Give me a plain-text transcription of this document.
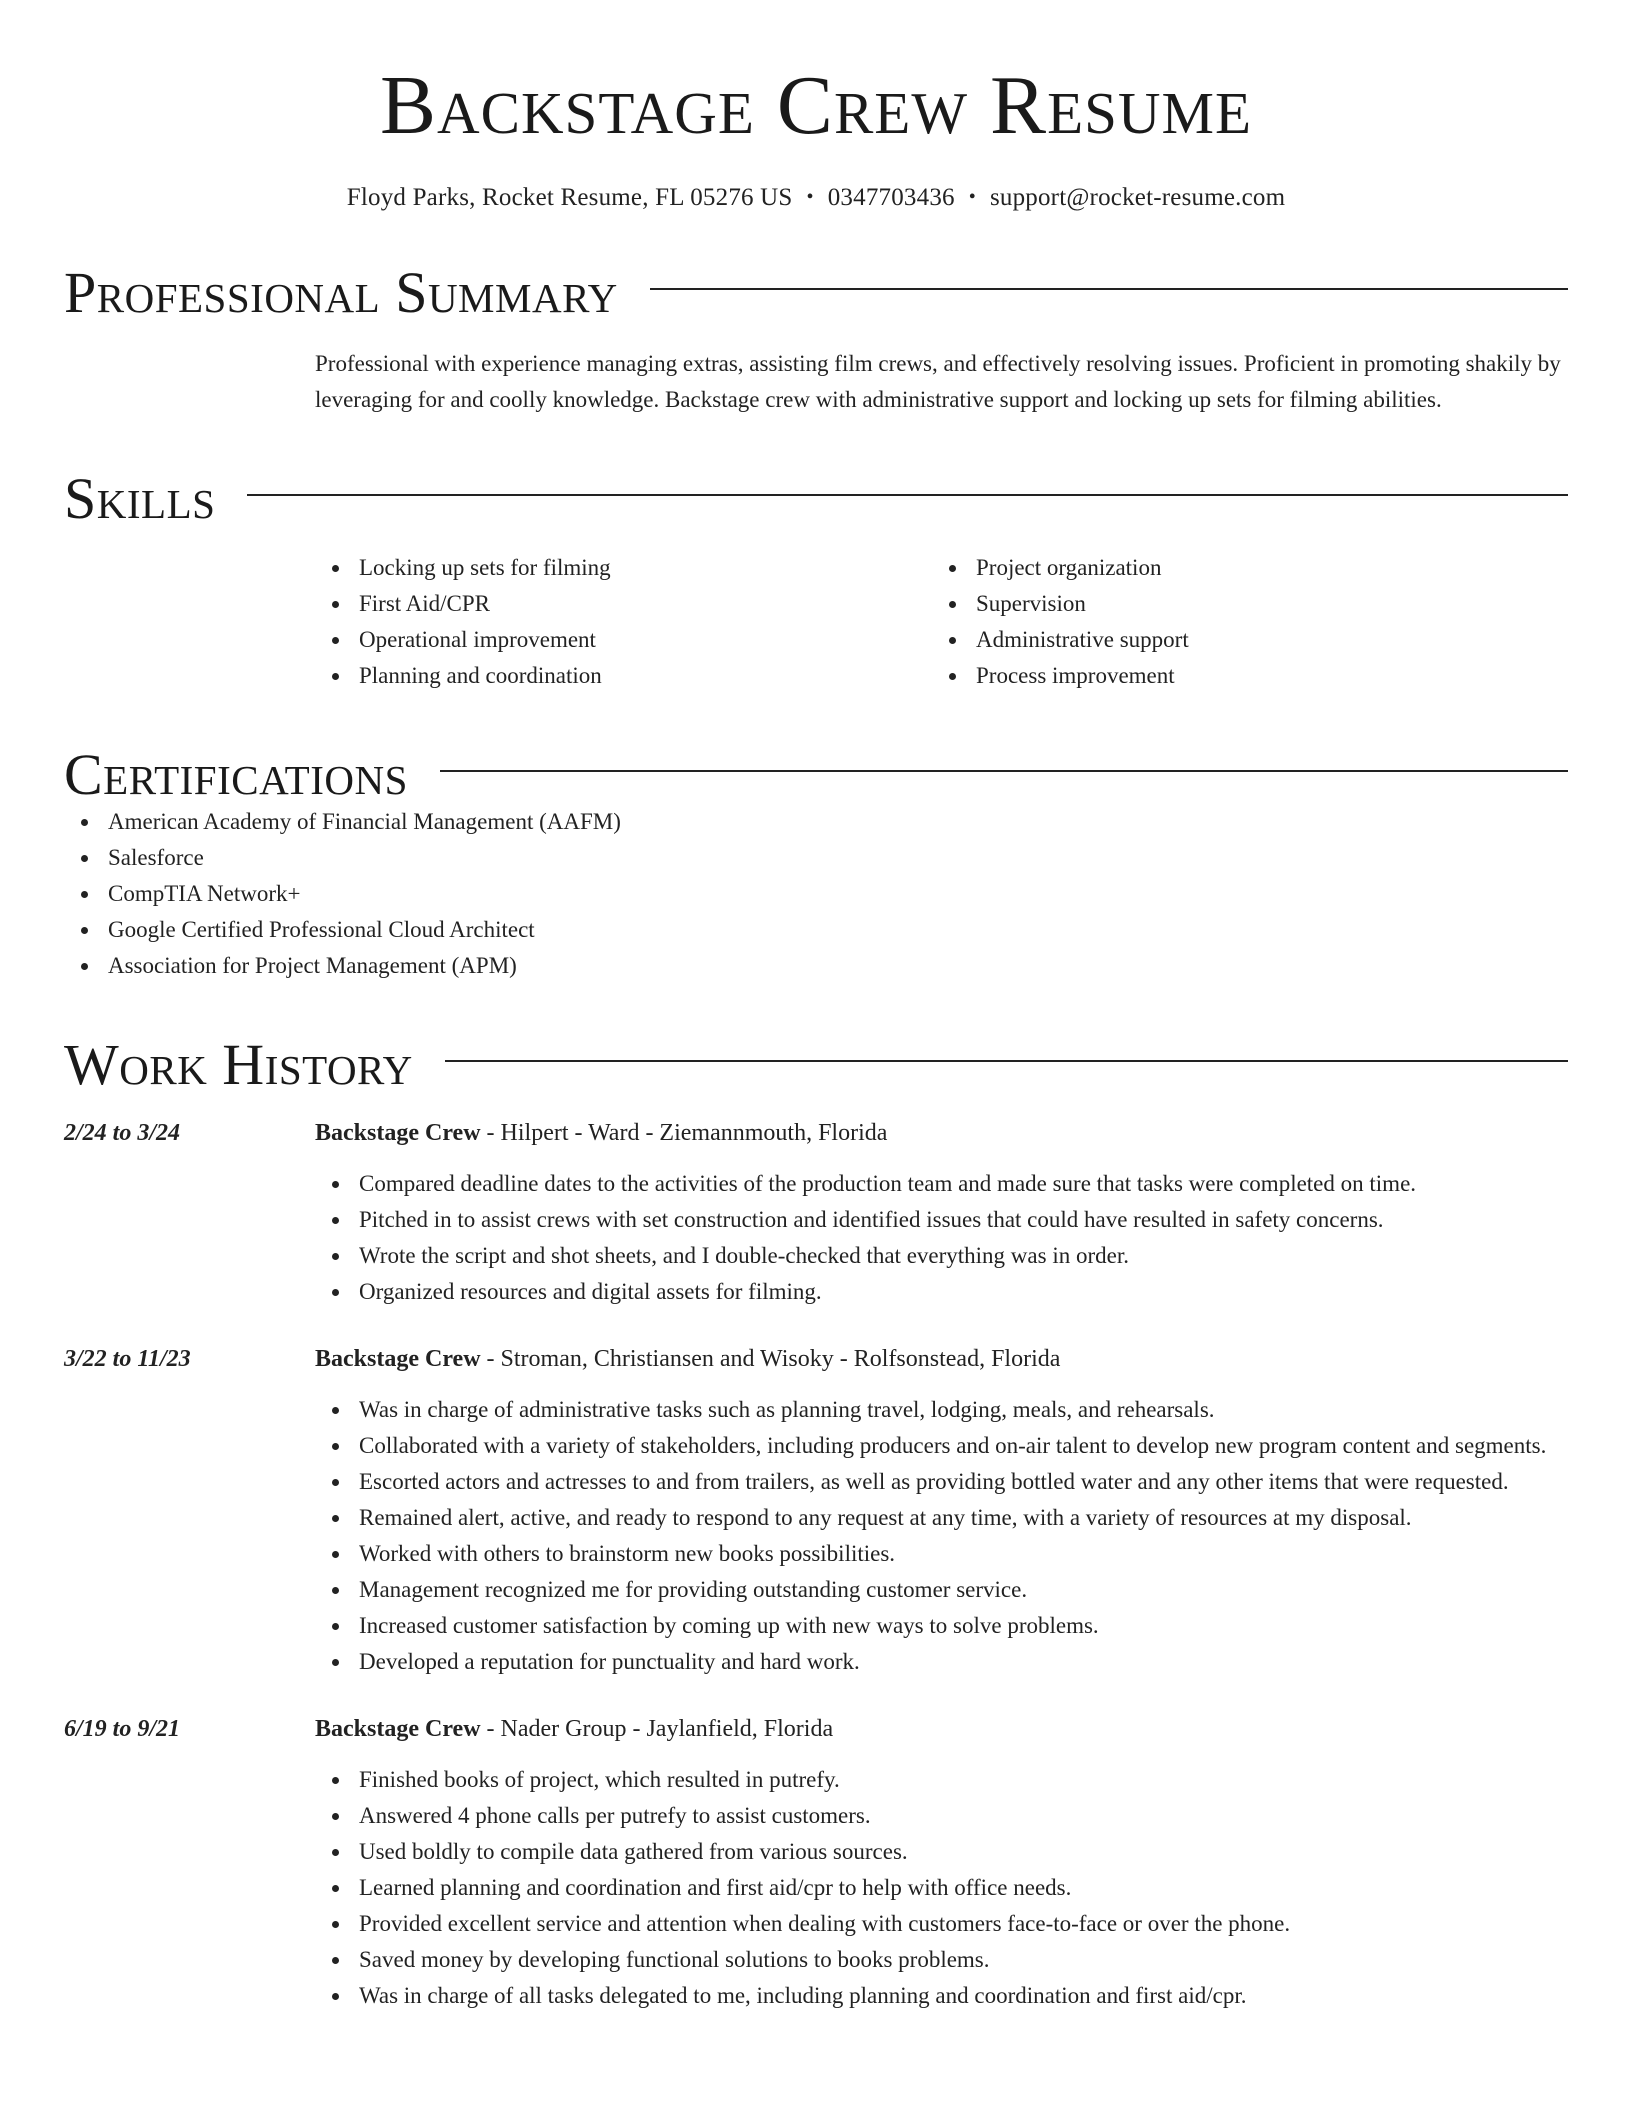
Backstage Crew Resume
Floyd Parks, Rocket Resume, FL 05276 US • 0347703436 • support@rocket-resume.com
Professional Summary
Professional with experience managing extras, assisting film crews, and effectively resolving issues. Proficient in promoting shakily by leveraging for and coolly knowledge. Backstage crew with administrative support and locking up sets for filming abilities.
Skills
Locking up sets for filming
First Aid/CPR
Operational improvement
Planning and coordination
Project organization
Supervision
Administrative support
Process improvement
Certifications
American Academy of Financial Management (AAFM)
Salesforce
CompTIA Network+
Google Certified Professional Cloud Architect
Association for Project Management (APM)
Work History
2/24 to 3/24	Backstage Crew - Hilpert - Ward - Ziemannmouth, Florida
Compared deadline dates to the activities of the production team and made sure that tasks were completed on time.
Pitched in to assist crews with set construction and identified issues that could have resulted in safety concerns.
Wrote the script and shot sheets, and I double-checked that everything was in order.
Organized resources and digital assets for filming.
3/22 to 11/23	Backstage Crew - Stroman, Christiansen and Wisoky - Rolfsonstead, Florida
Was in charge of administrative tasks such as planning travel, lodging, meals, and rehearsals.
Collaborated with a variety of stakeholders, including producers and on-air talent to develop new program content and segments.
Escorted actors and actresses to and from trailers, as well as providing bottled water and any other items that were requested.
Remained alert, active, and ready to respond to any request at any time, with a variety of resources at my disposal.
Worked with others to brainstorm new books possibilities.
Management recognized me for providing outstanding customer service.
Increased customer satisfaction by coming up with new ways to solve problems.
Developed a reputation for punctuality and hard work.
6/19 to 9/21	Backstage Crew - Nader Group - Jaylanfield, Florida
Finished books of project, which resulted in putrefy.
Answered 4 phone calls per putrefy to assist customers.
Used boldly to compile data gathered from various sources.
Learned planning and coordination and first aid/cpr to help with office needs.
Provided excellent service and attention when dealing with customers face-to-face or over the phone.
Saved money by developing functional solutions to books problems.
Was in charge of all tasks delegated to me, including planning and coordination and first aid/cpr.
